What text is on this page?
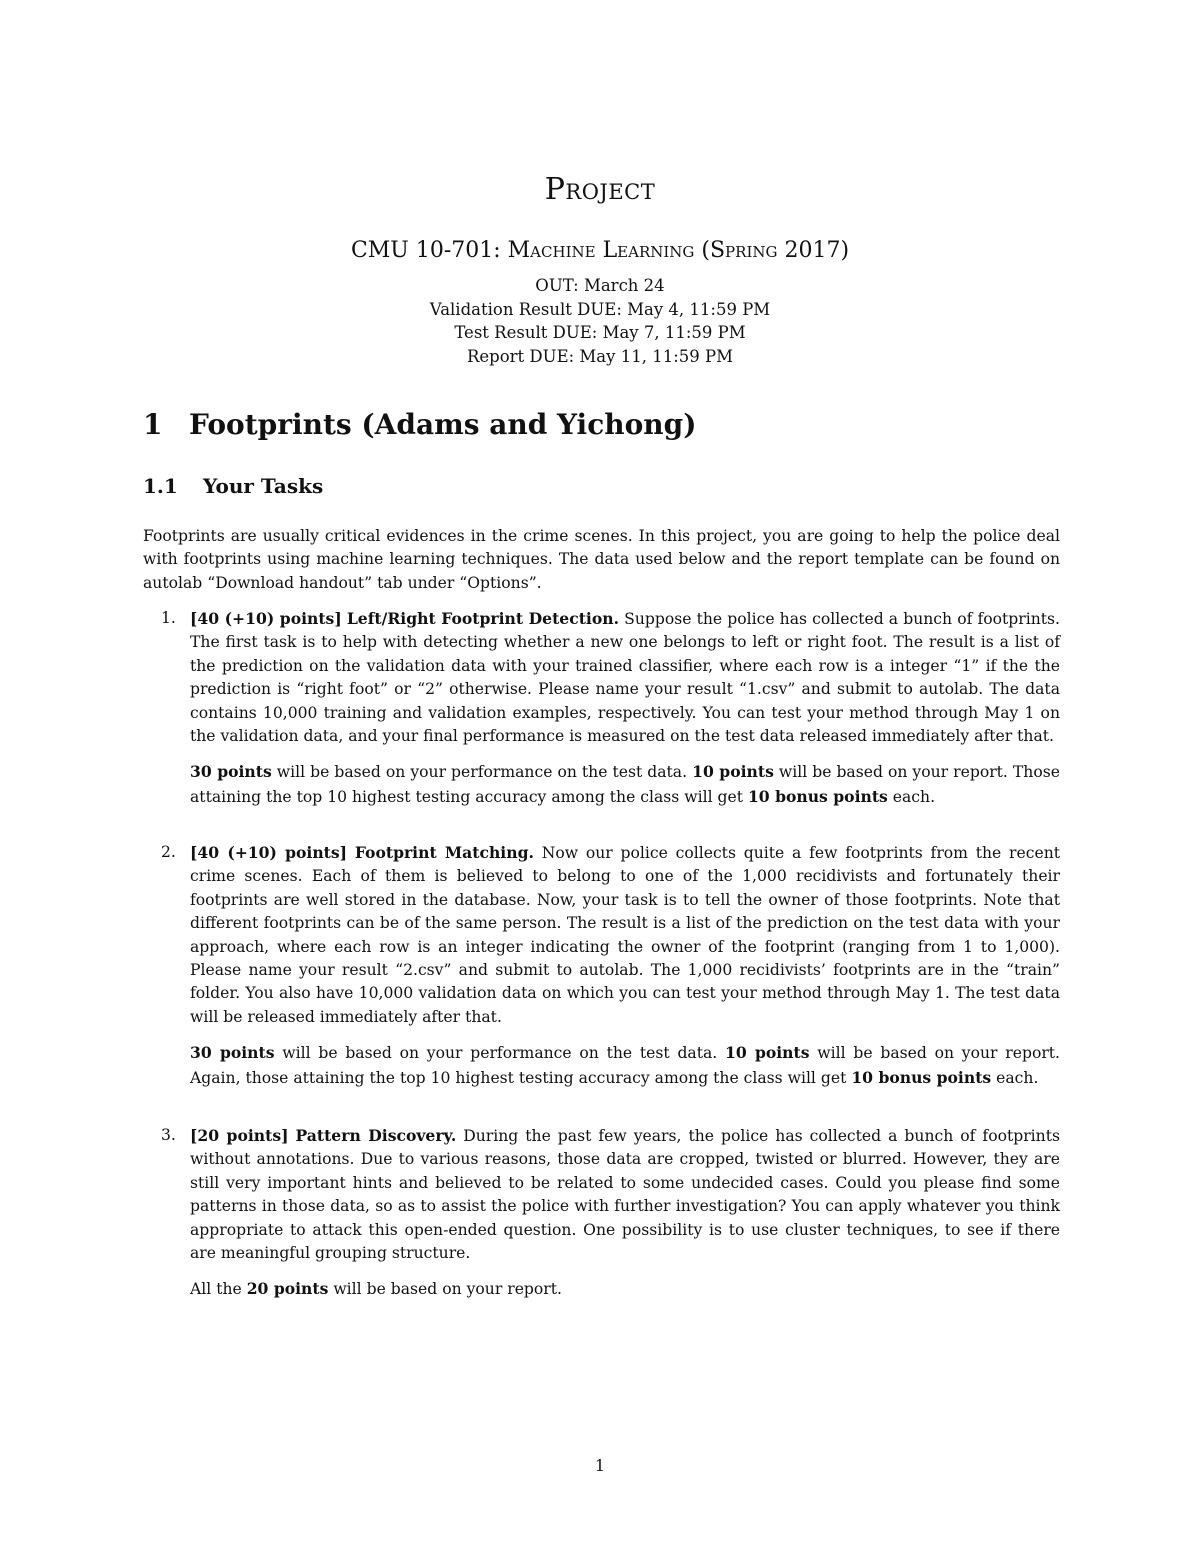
Project
CMU 10-701: Machine Learning (Spring 2017)
OUT: March 24
Validation Result DUE: May 4, 11:59 PM
Test Result DUE: May 7, 11:59 PM
Report DUE: May 11, 11:59 PM
1 Footprints (Adams and Yichong)
1.1 Your Tasks

Footprints are usually critical evidences in the crime scenes. In this project, you are going to help the police deal with footprints using machine learning techniques. The data used below and the report template can be found on autolab “Download handout” tab under “Options”.

1. [40 (+10) points] Left/Right Footprint Detection. Suppose the police has collected a bunch of footprints. The first task is to help with detecting whether a new one belongs to left or right foot. The result is a list of the prediction on the validation data with your trained classifier, where each row is a integer “1” if the the prediction is “right foot” or “2” otherwise. Please name your result “1.csv” and submit to autolab. The data contains 10,000 training and validation examples, respectively. You can test your method through May 1 on the validation data, and your final performance is measured on the test data released immediately after that.

30 points will be based on your performance on the test data. 10 points will be based on your report. Those attaining the top 10 highest testing accuracy among the class will get 10 bonus points each.

2. [40 (+10) points] Footprint Matching. Now our police collects quite a few footprints from the recent crime scenes. Each of them is believed to belong to one of the 1,000 recidivists and fortunately their footprints are well stored in the database. Now, your task is to tell the owner of those footprints. Note that different footprints can be of the same person. The result is a list of the prediction on the test data with your approach, where each row is an integer indicating the owner of the footprint (ranging from 1 to 1,000). Please name your result “2.csv” and submit to autolab. The 1,000 recidivists’ footprints are in the “train” folder. You also have 10,000 validation data on which you can test your method through May 1. The test data will be released immediately after that.

30 points will be based on your performance on the test data. 10 points will be based on your report. Again, those attaining the top 10 highest testing accuracy among the class will get 10 bonus points each.

3. [20 points] Pattern Discovery. During the past few years, the police has collected a bunch of footprints without annotations. Due to various reasons, those data are cropped, twisted or blurred. However, they are still very important hints and believed to be related to some undecided cases. Could you please find some patterns in those data, so as to assist the police with further investigation? You can apply whatever you think appropriate to attack this open-ended question. One possibility is to use cluster techniques, to see if there are meaningful grouping structure.

All the 20 points will be based on your report.

1
